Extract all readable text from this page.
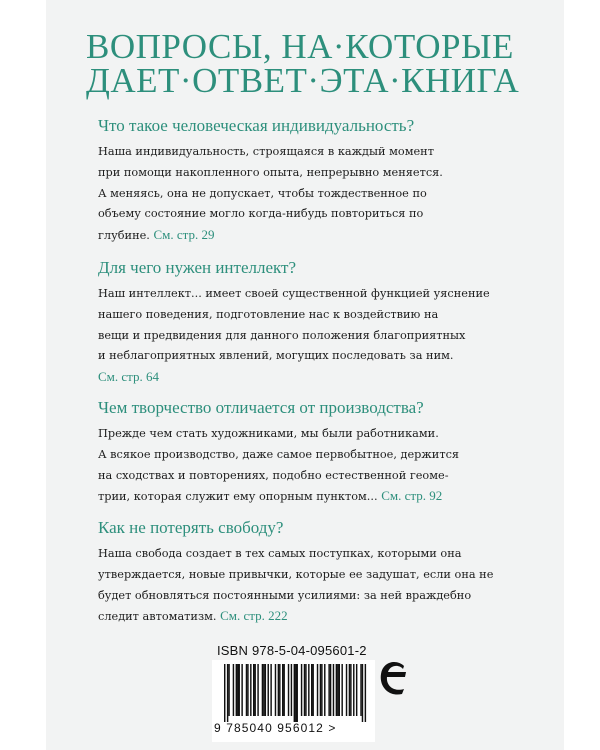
ВОПРОСЫ, НА·КОТОРЫЕ
ДАЕТ·ОТВЕТ·ЭТА·КНИГА
Что такое человеческая индивидуальность?
Наша индивидуальность, строящаяся в каждый момент
при помощи накопленного опыта, непрерывно меняется.
А меняясь, она не допускает, чтобы тождественное по
объему состояние могло когда-нибудь повториться по
глубине. См. стр. 29
Для чего нужен интеллект?
Наш интеллект... имеет своей существенной функцией уяснение
нашего поведения, подготовление нас к воздействию на
вещи и предвидения для данного положения благоприятных
и неблагоприятных явлений, могущих последовать за ним.
См. стр. 64
Чем творчество отличается от производства?
Прежде чем стать художниками, мы были работниками.
А всякое производство, даже самое первобытное, держится
на сходствах и повторениях, подобно естественной геоме-
трии, которая служит ему опорным пунктом... См. стр. 92
Как не потерять свободу?
Наша свобода создает в тех самых поступках, которыми она
утверждается, новые привычки, которые ее задушат, если она не
будет обновляться постоянными усилиями: за ней враждебно
следит автоматизм. См. стр. 222
ISBN 978-5-04-095601-2
9 785040 956012 >
